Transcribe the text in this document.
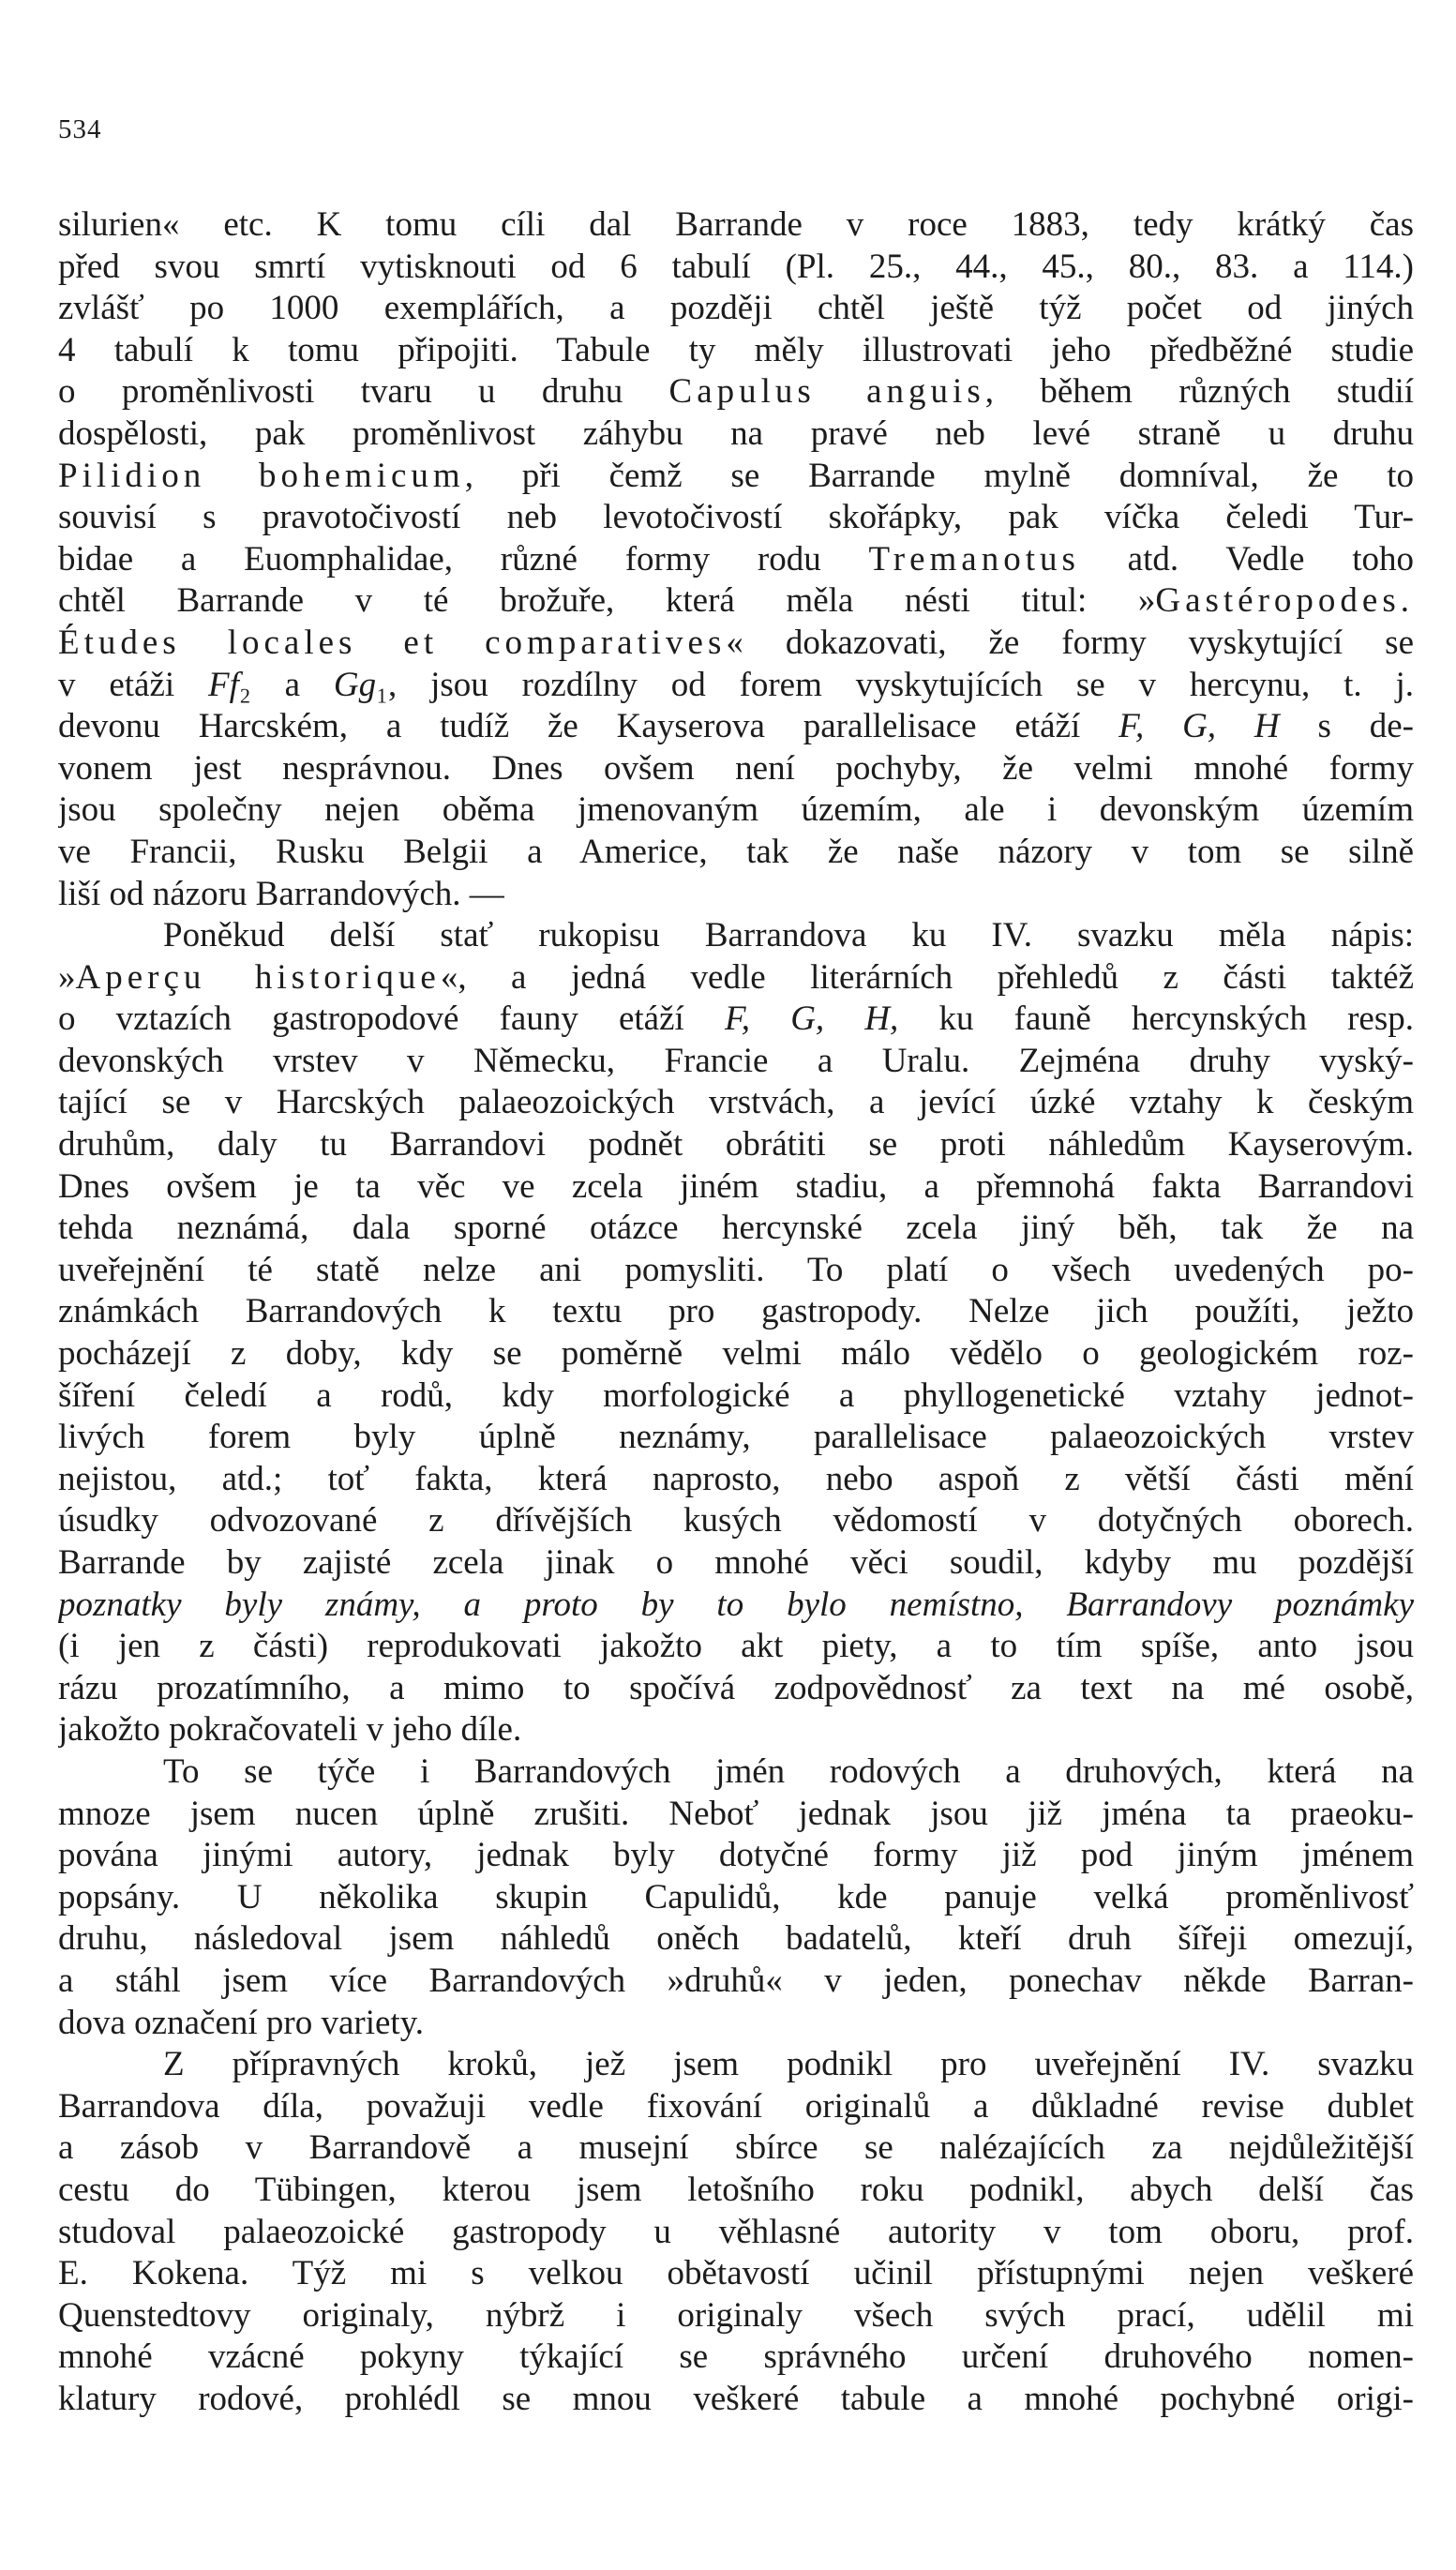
534
silurien« etc. K tomu cíli dal Barrande v roce 1883, tedy krátký čas
před svou smrtí vytisknouti od 6 tabulí (Pl. 25., 44., 45., 80., 83. a 114.)
zvlášť po 1000 exemplářích, a později chtěl ještě týž počet od jiných
4 tabulí k tomu připojiti. Tabule ty měly illustrovati jeho předběžné studie
o proměnlivosti tvaru u druhu Capulus anguis, během různých studií
dospělosti, pak proměnlivost záhybu na pravé neb levé straně u druhu
Pilidion bohemicum, při čemž se Barrande mylně domníval, že to
souvisí s pravotočivostí neb levotočivostí skořápky, pak víčka čeledi Tur-
bidae a Euomphalidae, různé formy rodu Tremanotus atd. Vedle toho
chtěl Barrande v té brožuře, která měla nésti titul: »Gastéropodes.
Études locales et comparatives« dokazovati, že formy vyskytující se
v etáži Ff₂ a Gg₁, jsou rozdílny od forem vyskytujících se v hercynu, t. j.
devonu Harcském, a tudíž že Kayserova parallelisace etáží F, G, H s de-
vonem jest nesprávnou. Dnes ovšem není pochyby, že velmi mnohé formy
jsou společny nejen oběma jmenovaným územím, ale i devonským územím
ve Francii, Rusku Belgii a Americe, tak že naše názory v tom se silně
liší od názoru Barrandových. —
Poněkud delší stať rukopisu Barrandova ku IV. svazku měla nápis:
»Aperçu historique«, a jedná vedle literárních přehledů z části taktéž
o vztazích gastropodové fauny etáží F, G, H, ku fauně hercynských resp.
devonských vrstev v Německu, Francie a Uralu. Zejména druhy vyský-
tající se v Harcských palaeozoických vrstvách, a jevící úzké vztahy k českým
druhům, daly tu Barrandovi podnět obrátiti se proti náhledům Kayserovým.
Dnes ovšem je ta věc ve zcela jiném stadiu, a přemnohá fakta Barrandovi
tehda neznámá, dala sporné otázce hercynské zcela jiný běh, tak že na
uveřejnění té statě nelze ani pomysliti. To platí o všech uvedených po-
známkách Barrandových k textu pro gastropody. Nelze jich použíti, ježto
pocházejí z doby, kdy se poměrně velmi málo vědělo o geologickém roz-
šíření čeledí a rodů, kdy morfologické a phyllogenetické vztahy jednot-
livých forem byly úplně neznámy, parallelisace palaeozoických vrstev
nejistou, atd.; toť fakta, která naprosto, nebo aspoň z větší části mění
úsudky odvozované z dřívějších kusých vědomostí v dotyčných oborech.
Barrande by zajisté zcela jinak o mnohé věci soudil, kdyby mu pozdější
poznatky byly známy, a proto by to bylo nemístno, Barrandovy poznámky
(i jen z části) reprodukovati jakožto akt piety, a to tím spíše, anto jsou
rázu prozatímního, a mimo to spočívá zodpovědnosť za text na mé osobě,
jakožto pokračovateli v jeho díle.
To se týče i Barrandových jmén rodových a druhových, která na
mnoze jsem nucen úplně zrušiti. Neboť jednak jsou již jména ta praeoku-
pována jinými autory, jednak byly dotyčné formy již pod jiným jménem
popsány. U několika skupin Capulidů, kde panuje velká proměnlivosť
druhu, následoval jsem náhledů oněch badatelů, kteří druh šířeji omezují,
a stáhl jsem více Barrandových »druhů« v jeden, ponechav někde Barran-
dova označení pro variety.
Z přípravných kroků, jež jsem podnikl pro uveřejnění IV. svazku
Barrandova díla, považuji vedle fixování originalů a důkladné revise dublet
a zásob v Barrandově a musejní sbírce se nalézajících za nejdůležitější
cestu do Tübingen, kterou jsem letošního roku podnikl, abych delší čas
studoval palaeozoické gastropody u věhlasné autority v tom oboru, prof.
E. Kokena. Týž mi s velkou obětavostí učinil přístupnými nejen veškeré
Quenstedtovy originaly, nýbrž i originaly všech svých prací, udělil mi
mnohé vzácné pokyny týkající se správného určení druhového nomen-
klatury rodové, prohlédl se mnou veškeré tabule a mnohé pochybné origi-
